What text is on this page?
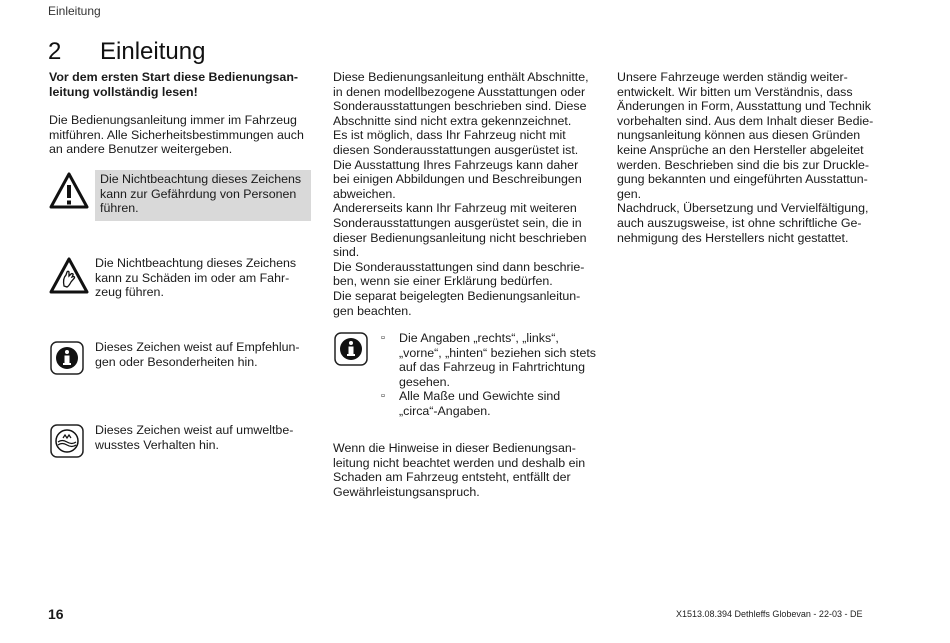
Einleitung
2 Einleitung

Vor dem ersten Start diese Bedienungsan-leitung vollständig lesen!

Die Bedienungsanleitung immer im Fahrzeug mitführen. Alle Sicherheitsbestimmungen auch an andere Benutzer weitergeben.

Die Nichtbeachtung dieses Zeichens kann zur Gefährdung von Personen führen.

Die Nichtbeachtung dieses Zeichens kann zu Schäden im oder am Fahr-zeug führen.

Dieses Zeichen weist auf Empfehlun-gen oder Besonderheiten hin.

Dieses Zeichen weist auf umweltbe-wusstes Verhalten hin.

Diese Bedienungsanleitung enthält Abschnitte, in denen modellbezogene Ausstattungen oder Sonderausstattungen beschrieben sind. Diese Abschnitte sind nicht extra gekennzeichnet.

Es ist möglich, dass Ihr Fahrzeug nicht mit diesen Sonderausstattungen ausgerüstet ist.

Die Ausstattung Ihres Fahrzeugs kann daher bei einigen Abbildungen und Beschreibungen abweichen.

Andererseits kann Ihr Fahrzeug mit weiteren Sonderausstattungen ausgerüstet sein, die in dieser Bedienungsanleitung nicht beschrieben sind.

Die Sonderausstattungen sind dann beschrie-ben, wenn sie einer Erklärung bedürfen.

Die separat beigelegten Bedienungsanleitun-gen beachten.

▫ Die Angaben „rechts“, „links“, „vorne“, „hinten“ beziehen sich stets auf das Fahrzeug in Fahrtrichtung gesehen.
▫ Alle Maße und Gewichte sind „circa“-Angaben.

Wenn die Hinweise in dieser Bedienungsan-leitung nicht beachtet werden und deshalb ein Schaden am Fahrzeug entsteht, entfällt der Gewährleistungsanspruch.

Unsere Fahrzeuge werden ständig weiter-entwickelt. Wir bitten um Verständnis, dass Änderungen in Form, Ausstattung und Technik vorbehalten sind. Aus dem Inhalt dieser Bedie-nungsanleitung können aus diesen Gründen keine Ansprüche an den Hersteller abgeleitet werden. Beschrieben sind die bis zur Druckle-gung bekannten und eingeführten Ausstattun-gen.

Nachdruck, Übersetzung und Vervielfältigung, auch auszugsweise, ist ohne schriftliche Ge-nehmigung des Herstellers nicht gestattet.

16	X1513.08.394 Dethleffs Globevan - 22-03 - DE
